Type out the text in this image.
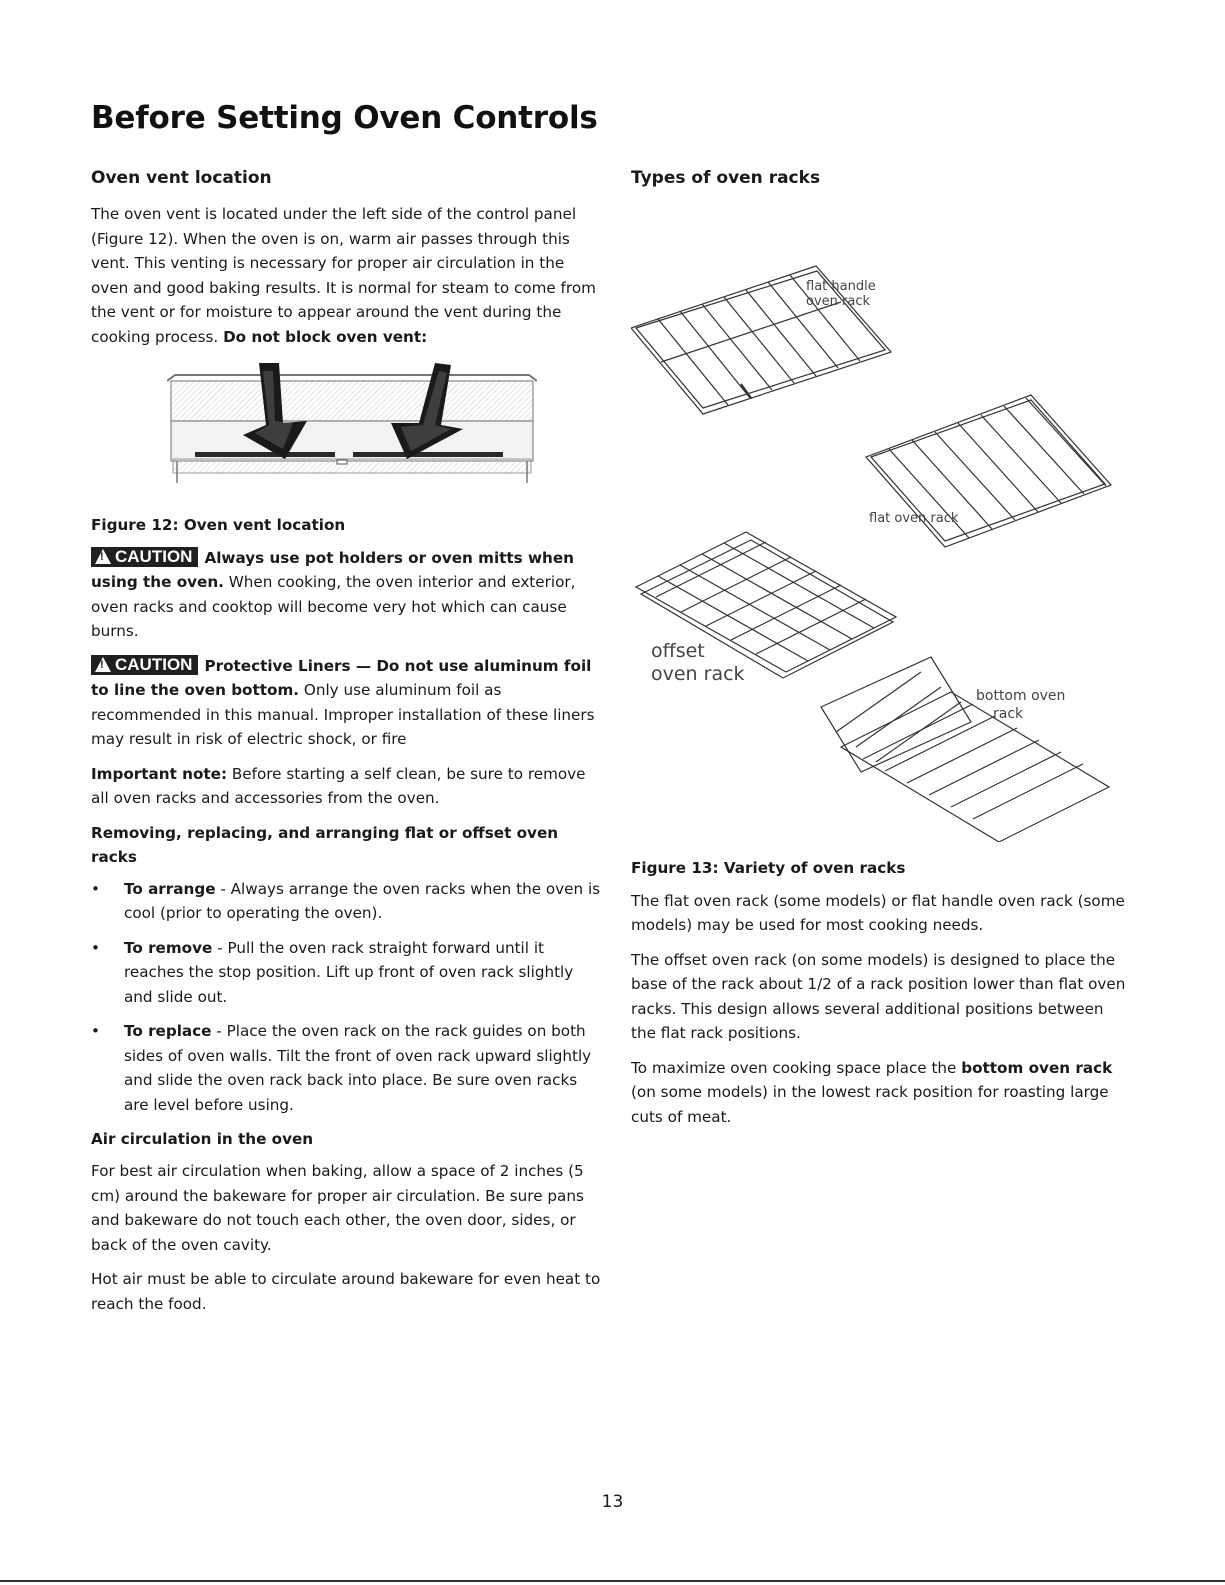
Before Setting Oven Controls
Oven vent location

The oven vent is located under the left side of the control panel (Figure 12). When the oven is on, warm air passes through this vent. This venting is necessary for proper air circulation in the oven and good baking results. It is normal for steam to come from the vent or for moisture to appear around the vent during the cooking process. Do not block oven vent:

Figure 12: Oven vent location

!CAUTION Always use pot holders or oven mitts when using the oven. When cooking, the oven interior and exterior, oven racks and cooktop will become very hot which can cause burns.

!CAUTION Protective Liners — Do not use aluminum foil to line the oven bottom. Only use aluminum foil as recommended in this manual. Improper installation of these liners may result in risk of electric shock, or fire

Important note: Before starting a self clean, be sure to remove all oven racks and accessories from the oven.

Removing, replacing, and arranging flat or offset oven racks
• To arrange - Always arrange the oven racks when the oven is cool (prior to operating the oven).
• To remove - Pull the oven rack straight forward until it reaches the stop position. Lift up front of oven rack slightly and slide out.
• To replace - Place the oven rack on the rack guides on both sides of oven walls. Tilt the front of oven rack upward slightly and slide the oven rack back into place. Be sure oven racks are level before using.
Air circulation in the oven

For best air circulation when baking, allow a space of 2 inches (5 cm) around the bakeware for proper air circulation. Be sure pans and bakeware do not touch each other, the oven door, sides, or back of the oven cavity.

Hot air must be able to circulate around bakeware for even heat to reach the food.

Types of oven racks
flat handle
oven rack
flat oven rack
offset
oven rack
bottom oven
rack

Figure 13: Variety of oven racks

The flat oven rack (some models) or flat handle oven rack (some models) may be used for most cooking needs.

The offset oven rack (on some models) is designed to place the base of the rack about 1/2 of a rack position lower than flat oven racks. This design allows several additional positions between the flat rack positions.

To maximize oven cooking space place the bottom oven rack (on some models) in the lowest rack position for roasting large cuts of meat.

13
